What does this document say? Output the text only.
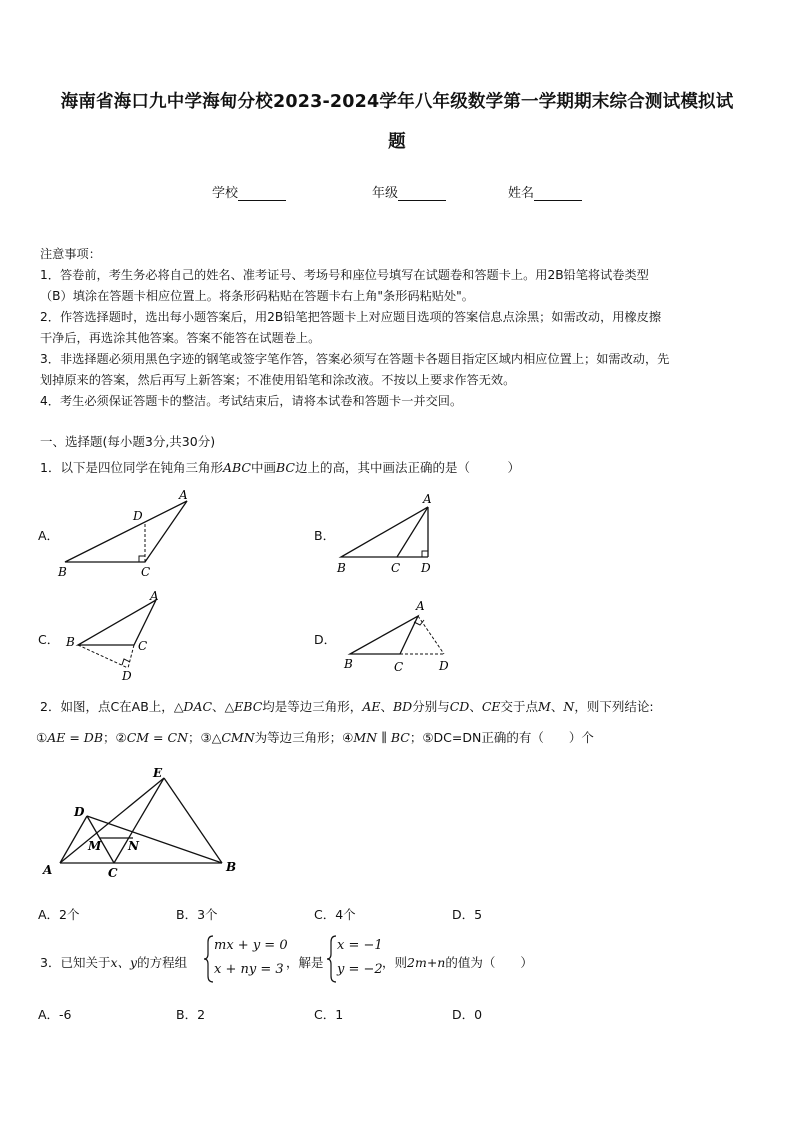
海南省海口九中学海甸分校2023-2024学年八年级数学第一学期期末综合测试模拟试
题
学校	年级	姓名
注意事项：
1．答卷前，考生务必将自己的姓名、准考证号、考场号和座位号填写在试题卷和答题卡上。用2B铅笔将试卷类型
（B）填涂在答题卡相应位置上。将条形码粘贴在答题卡右上角"条形码粘贴处"。
2．作答选择题时，选出每小题答案后，用2B铅笔把答题卡上对应题目选项的答案信息点涂黑；如需改动，用橡皮擦
干净后，再选涂其他答案。答案不能答在试题卷上。
3．非选择题必须用黑色字迹的钢笔或签字笔作答，答案必须写在答题卡各题目指定区域内相应位置上；如需改动，先
划掉原来的答案，然后再写上新答案；不准使用铅笔和涂改液。不按以上要求作答无效。
4．考生必须保证答题卡的整洁。考试结束后，请将本试卷和答题卡一并交回。
一、选择题(每小题3分,共30分)
1．以下是四位同学在钝角三角形ABC中画BC边上的高，其中画法正确的是（　　　）
A．	B．
C．	D．
A
D
B	C
A
B	C D
A
B	C
D
A
B	C	D
2．如图，点C在AB上，△DAC、△EBC均是等边三角形，AE、BD分别与CD、CE交于点M、N，则下列结论:
①AE = DB；②CM = CN；③△CMN为等边三角形；④MN ∥ BC；⑤DC=DN正确的有（　　）个
E
D
M N
A	C	B
A．2个	B．3个	C．4个	D．5
3．已知关于x、y的方程组
mx + y = 0
x + ny = 3 ，解是
x = −1
y = −2 ，则2m+n的值为（　　）
A．-6	B．2	C．1	D．0
